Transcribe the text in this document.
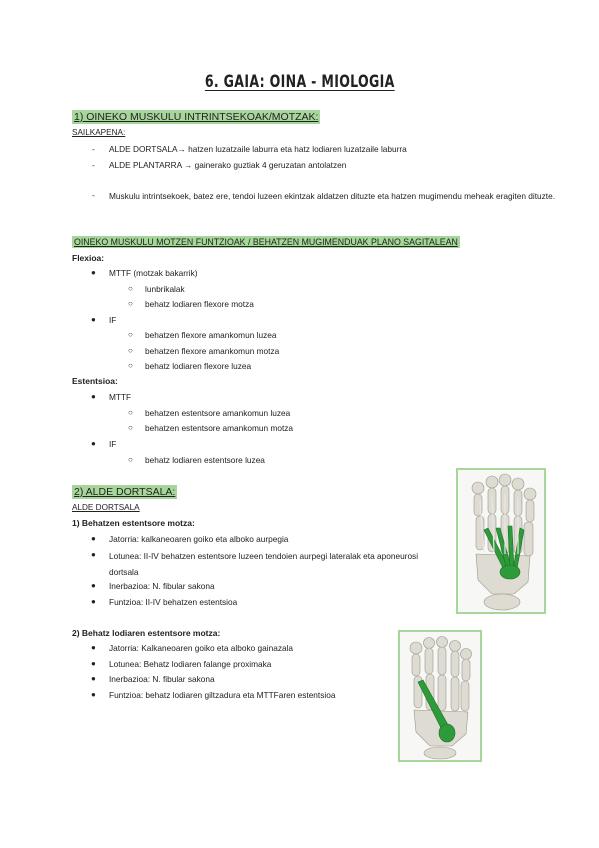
6. GAIA: OINA - MIOLOGIA
1) OINEKO MUSKULU INTRINTSEKOAK/MOTZAK:
SAILKAPENA:
- ALDE DORTSALA→ hatzen luzatzaile laburra eta hatz lodiaren luzatzaile laburra
- ALDE PLANTARRA → gainerako guztiak 4 geruzatan antolatzen
- Muskulu intrintsekoek, batez ere, tendoi luzeen ekintzak aldatzen dituzte eta hatzen mugimendu meheak eragiten dituzte.
OINEKO MUSKULU MOTZEN FUNTZIOAK / BEHATZEN MUGIMENDUAK PLANO SAGITALEAN
Flexioa:
● MTTF (motzak bakarrik)
○ lunbrikalak
○ behatz lodiaren flexore motza
● IF
○ behatzen flexore amankomun luzea
○ behatzen flexore amankomun motza
○ behatz lodiaren flexore luzea
Estentsioa:
● MTTF
○ behatzen estentsore amankomun luzea
○ behatzen estentsore amankomun motza
● IF
○ behatz lodiaren estentsore luzea
2) ALDE DORTSALA:
ALDE DORTSALA
1) Behatzen estentsore motza:
● Jatorria: kalkaneoaren goiko eta alboko aurpegia
● Lotunea: II-IV behatzen estentsore luzeen tendoien aurpegi lateralak eta aponeurosi dortsala
● Inerbazioa: N. fibular sakona
● Funtzioa: II-IV behatzen estentsioa
2) Behatz lodiaren estentsore motza:
● Jatorria: Kalkaneoaren goiko eta alboko gainazala
● Lotunea: Behatz lodiaren falange proximaka
● Inerbazioa: N. fibular sakona
● Funtzioa: behatz lodiaren giltzadura eta MTTFaren estentsioa
